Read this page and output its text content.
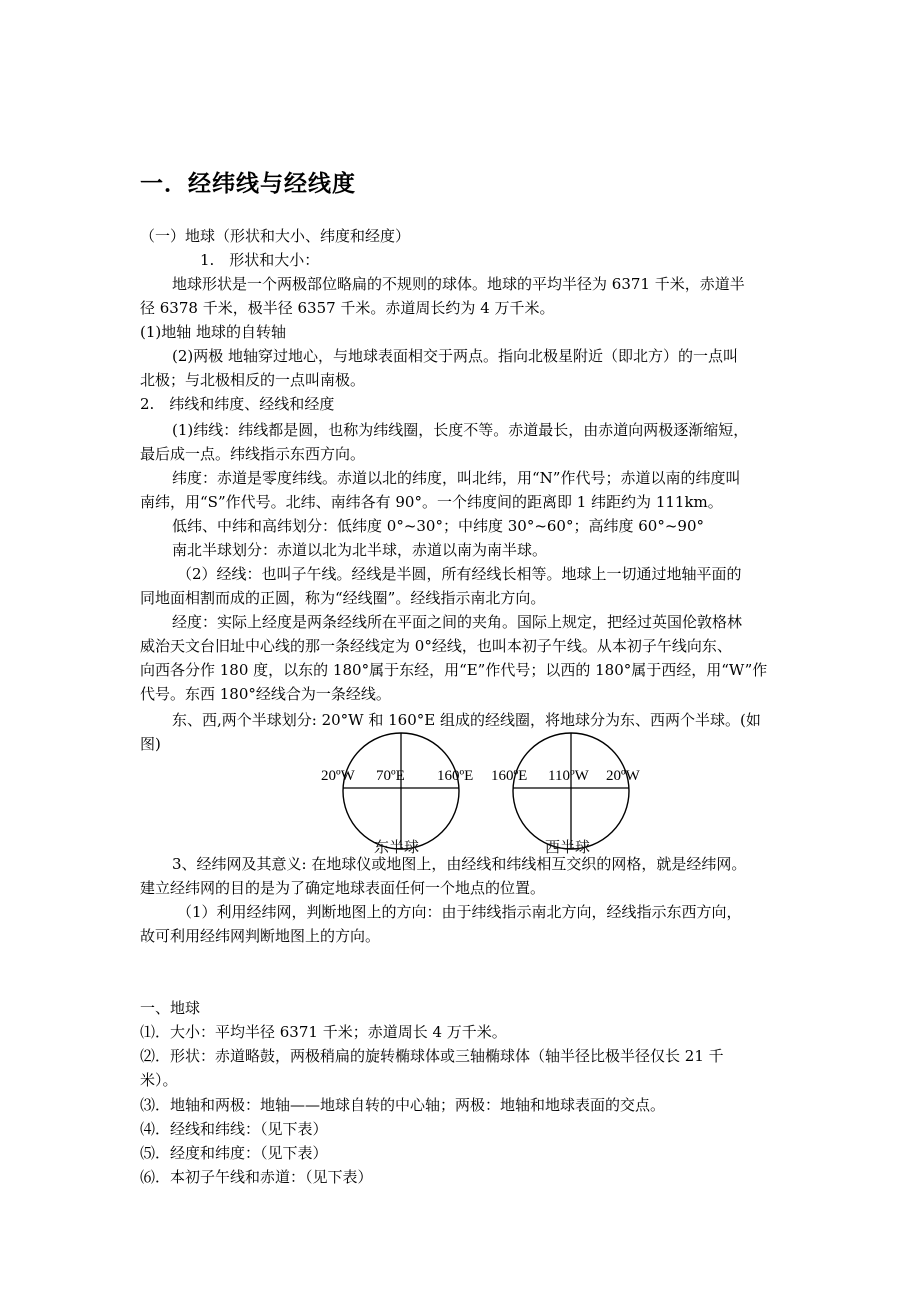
一．经纬线与经线度
（一）地球（形状和大小、纬度和经度）
1.　形状和大小：
地球形状是一个两极部位略扁的不规则的球体。地球的平均半径为 6371 千米，赤道半
径 6378 千米，极半径 6357 千米。赤道周长约为 4 万千米。
(1)地轴 地球的自转轴
(2)两极 地轴穿过地心，与地球表面相交于两点。指向北极星附近（即北方）的一点叫
北极；与北极相反的一点叫南极。
2.　纬线和纬度、经线和经度
(1)纬线：纬线都是圆，也称为纬线圈，长度不等。赤道最长，由赤道向两极逐渐缩短，
最后成一点。纬线指示东西方向。
纬度：赤道是零度纬线。赤道以北的纬度，叫北纬，用“N”作代号；赤道以南的纬度叫
南纬，用“S”作代号。北纬、南纬各有 90°。一个纬度间的距离即 1 纬距约为 111km。
低纬、中纬和高纬划分：低纬度 0°~30°；中纬度 30°~60°；高纬度 60°~90°
南北半球划分：赤道以北为北半球，赤道以南为南半球。
（2）经线：也叫子午线。经线是半圆，所有经线长相等。地球上一切通过地轴平面的
同地面相割而成的正圆，称为“经线圈”。经线指示南北方向。
经度：实际上经度是两条经线所在平面之间的夹角。国际上规定，把经过英国伦敦格林
威治天文台旧址中心线的那一条经线定为 0°经线，也叫本初子午线。从本初子午线向东、
向西各分作 180 度，以东的 180°属于东经，用“E”作代号；以西的 180°属于西经，用“W”作
代号。东西 180°经线合为一条经线。
东、西,两个半球划分: 20°W 和 160°E 组成的经线圈，将地球分为东、西两个半球。(如
图)
20ºW 70ºE 160ºE
东半球
160ºE 110ºW 20ºW
西半球
3、经纬网及其意义: 在地球仪或地图上，由经线和纬线相互交织的网格，就是经纬网。
建立经纬网的目的是为了确定地球表面任何一个地点的位置。
（1）利用经纬网，判断地图上的方向：由于纬线指示南北方向，经线指示东西方向，
故可利用经纬网判断地图上的方向。
一、地球
⑴．大小：平均半径 6371 千米；赤道周长 4 万千米。
⑵．形状：赤道略鼓，两极稍扁的旋转椭球体或三轴椭球体（轴半径比极半径仅长 21 千
米）。
⑶．地轴和两极：地轴——地球自转的中心轴；两极：地轴和地球表面的交点。
⑷．经线和纬线：（见下表）
⑸．经度和纬度：（见下表）
⑹．本初子午线和赤道：（见下表）
